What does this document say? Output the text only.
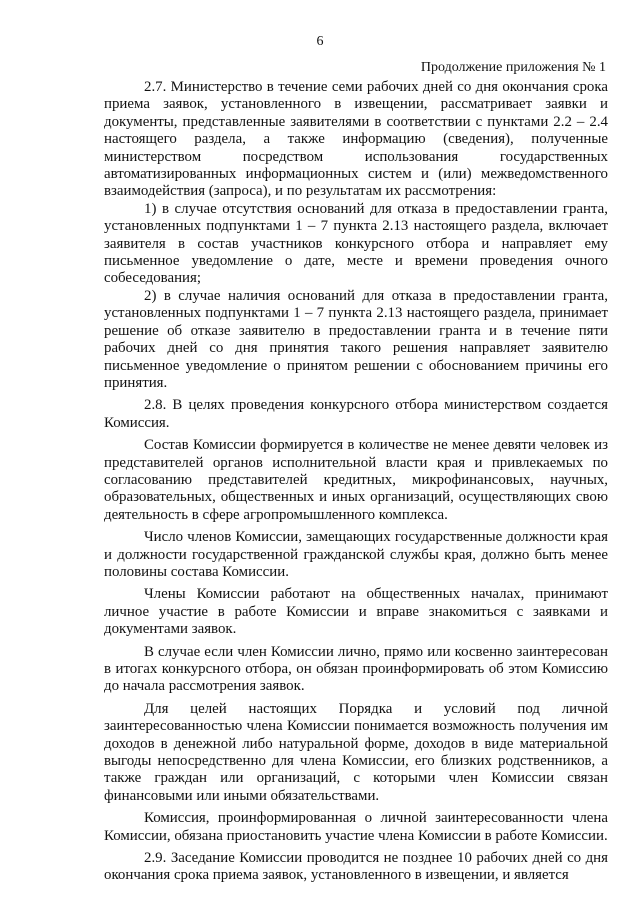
6
Продолжение приложения № 1

2.7. Министерство в течение семи рабочих дней со дня окончания срока приема заявок, установленного в извещении, рассматривает заявки и документы, представленные заявителями в соответствии с пунктами 2.2 – 2.4 настоящего раздела, а также информацию (сведения), полученные министерством посредством использования государственных автоматизированных информационных систем и (или) межведомственного взаимодействия (запроса), и по результатам их рассмотрения:

1) в случае отсутствия оснований для отказа в предоставлении гранта, установленных подпунктами 1 – 7 пункта 2.13 настоящего раздела, включает заявителя в состав участников конкурсного отбора и направляет ему письменное уведомление о дате, месте и времени проведения очного собеседования;

2) в случае наличия оснований для отказа в предоставлении гранта, установленных подпунктами 1 – 7 пункта 2.13 настоящего раздела, принимает решение об отказе заявителю в предоставлении гранта и в течение пяти рабочих дней со дня принятия такого решения направляет заявителю письменное уведомление о принятом решении с обоснованием причины его принятия.

2.8. В целях проведения конкурсного отбора министерством создается Комиссия.

Состав Комиссии формируется в количестве не менее девяти человек из представителей органов исполнительной власти края и привлекаемых по согласованию представителей кредитных, микрофинансовых, научных, образовательных, общественных и иных организаций, осуществляющих свою деятельность в сфере агропромышленного комплекса.

Число членов Комиссии, замещающих государственные должности края и должности государственной гражданской службы края, должно быть менее половины состава Комиссии.

Члены Комиссии работают на общественных началах, принимают личное участие в работе Комиссии и вправе знакомиться с заявками и документами заявок.

В случае если член Комиссии лично, прямо или косвенно заинтересован в итогах конкурсного отбора, он обязан проинформировать об этом Комиссию до начала рассмотрения заявок.

Для целей настоящих Порядка и условий под личной заинтересованностью члена Комиссии понимается возможность получения им доходов в денежной либо натуральной форме, доходов в виде материальной выгоды непосредственно для члена Комиссии, его близких родственников, а также граждан или организаций, с которыми член Комиссии связан финансовыми или иными обязательствами.

Комиссия, проинформированная о личной заинтересованности члена Комиссии, обязана приостановить участие члена Комиссии в работе Комиссии.

2.9. Заседание Комиссии проводится не позднее 10 рабочих дней со дня окончания срока приема заявок, установленного в извещении, и является
